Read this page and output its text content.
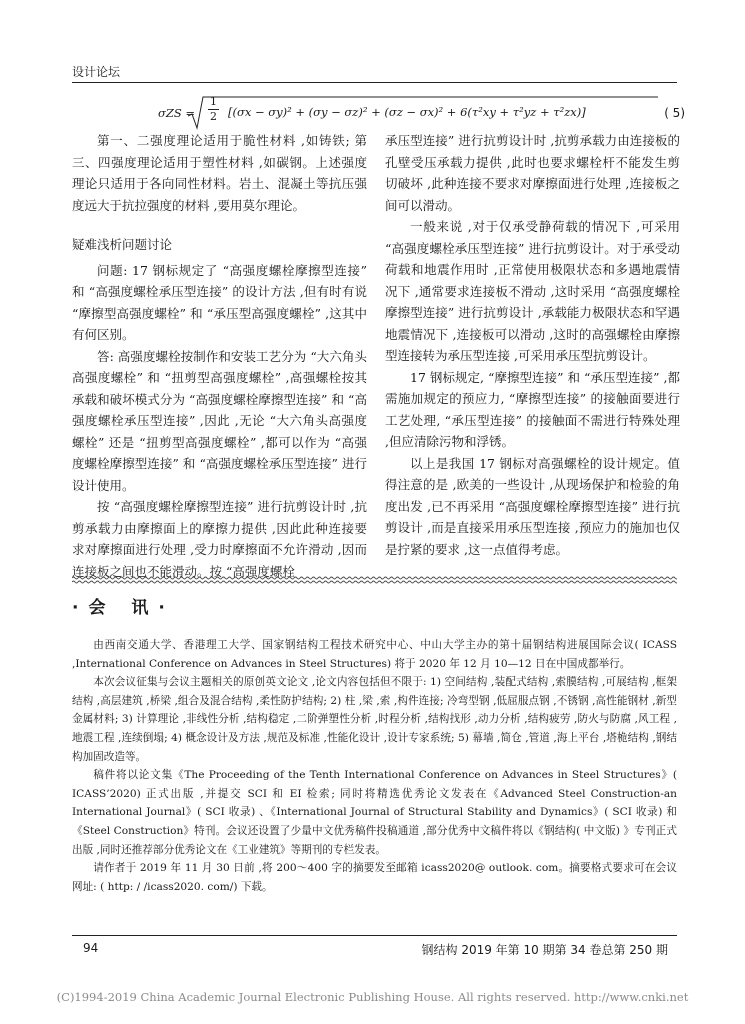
设计论坛
$\sigma ZS = \frac{1}{2} [(\sigma x - \sigma y)^2 + (\sigma y - \sigma z)^2 + (\sigma z - \sigma x)^2 + 6(\tau^2xy + \tau^2yz + \tau^2zx)]$	( 5)

第一、二强度理论适用于脆性材料 ,如铸铁; 第三、四强度理论适用于塑性材料 ,如碳钢。上述强度理论只适用于各向同性材料。岩土、混凝土等抗压强度远大于抗拉强度的材料 ,要用莫尔理论。

疑难浅析问题讨论

问题: 17 钢标规定了 “高强度螺栓摩擦型连接” 和 “高强度螺栓承压型连接” 的设计方法 ,但有时有说 “摩擦型高强度螺栓” 和 “承压型高强度螺栓” ,这其中有何区别。

答: 高强度螺栓按制作和安装工艺分为 “大六角头高强度螺栓” 和 “扭剪型高强度螺栓” ,高强螺栓按其承载和破坏模式分为 “高强度螺栓摩擦型连接” 和 “高强度螺栓承压型连接” ,因此 ,无论 “大六角头高强度螺栓” 还是 “扭剪型高强度螺栓” ,都可以作为 “高强度螺栓摩擦型连接” 和 “高强度螺栓承压型连接” 进行设计使用。

按 “高强度螺栓摩擦型连接” 进行抗剪设计时 ,抗剪承载力由摩擦面上的摩擦力提供 ,因此此种连接要求对摩擦面进行处理 ,受力时摩擦面不允许滑动 ,因而连接板之间也不能滑动。按 “高强度螺栓

承压型连接” 进行抗剪设计时 ,抗剪承载力由连接板的孔壁受压承载力提供 ,此时也要求螺栓杆不能发生剪切破坏 ,此种连接不要求对摩擦面进行处理 ,连接板之间可以滑动。

一般来说 ,对于仅承受静荷载的情况下 ,可采用 “高强度螺栓承压型连接” 进行抗剪设计。对于承受动荷载和地震作用时 ,正常使用极限状态和多遇地震情况下 ,通常要求连接板不滑动 ,这时采用 “高强度螺栓摩擦型连接” 进行抗剪设计 ,承载能力极限状态和罕遇地震情况下 ,连接板可以滑动 ,这时的高强螺栓由摩擦型连接转为承压型连接 ,可采用承压型抗剪设计。

17 钢标规定, “摩擦型连接” 和 “承压型连接” ,都需施加规定的预应力, “摩擦型连接” 的接触面要进行工艺处理, “承压型连接” 的接触面不需进行特殊处理 ,但应清除污物和浮锈。

以上是我国 17 钢标对高强螺栓的设计规定。值得注意的是 ,欧美的一些设计 ,从现场保护和检验的角度出发 ,已不再采用 “高强度螺栓摩擦型连接” 进行抗剪设计 ,而是直接采用承压型连接 ,预应力的施加也仅是拧紧的要求 ,这一点值得考虑。

·会 讯·

由西南交通大学、香港理工大学、国家钢结构工程技术研究中心、中山大学主办的第十届钢结构进展国际会议( ICASS ,International Conference on Advances in Steel Structures) 将于 2020 年 12 月 10—12 日在中国成都举行。

本次会议征集与会议主题相关的原创英文论文 ,论文内容包括但不限于: 1) 空间结构 ,装配式结构 ,索膜结构 ,可展结构 ,框架结构 ,高层建筑 ,桥梁 ,组合及混合结构 ,柔性防护结构; 2) 柱 ,梁 ,索 ,构件连接; 冷弯型钢 ,低屈服点钢 ,不锈钢 ,高性能钢材 ,新型金属材料; 3) 计算理论 ,非线性分析 ,结构稳定 ,二阶弹塑性分析 ,时程分析 ,结构找形 ,动力分析 ,结构疲劳 ,防火与防腐 ,风工程 ,地震工程 ,连续倒塌; 4) 概念设计及方法 ,规范及标准 ,性能化设计 ,设计专家系统; 5) 幕墙 ,简仓 ,管道 ,海上平台 ,塔桅结构 ,钢结构加固改造等。

稿件将以论文集《The Proceeding of the Tenth International Conference on Advances in Steel Structures》( ICASS’2020) 正式出版 ,并提交 SCI 和 EI 检索; 同时将精选优秀论文发表在《Advanced Steel Construction-an International Journal》( SCI 收录) 、《International Journal of Structural Stability and Dynamics》( SCI 收录) 和《Steel Construction》特刊。会议还设置了少量中文优秀稿件投稿通道 ,部分优秀中文稿件将以《钢结构( 中文版) 》专刊正式出版 ,同时还推荐部分优秀论文在《工业建筑》等期刊的专栏发表。

请作者于 2019 年 11 月 30 日前 ,将 200～400 字的摘要发至邮箱 icass2020@ outlook. com。摘要格式要求可在会议网址: ( http: / /icass2020. com/) 下载。

94	钢结构 2019 年第 10 期第 34 卷总第 250 期
(C)1994-2019 China Academic Journal Electronic Publishing House. All rights reserved. http://www.cnki.net
